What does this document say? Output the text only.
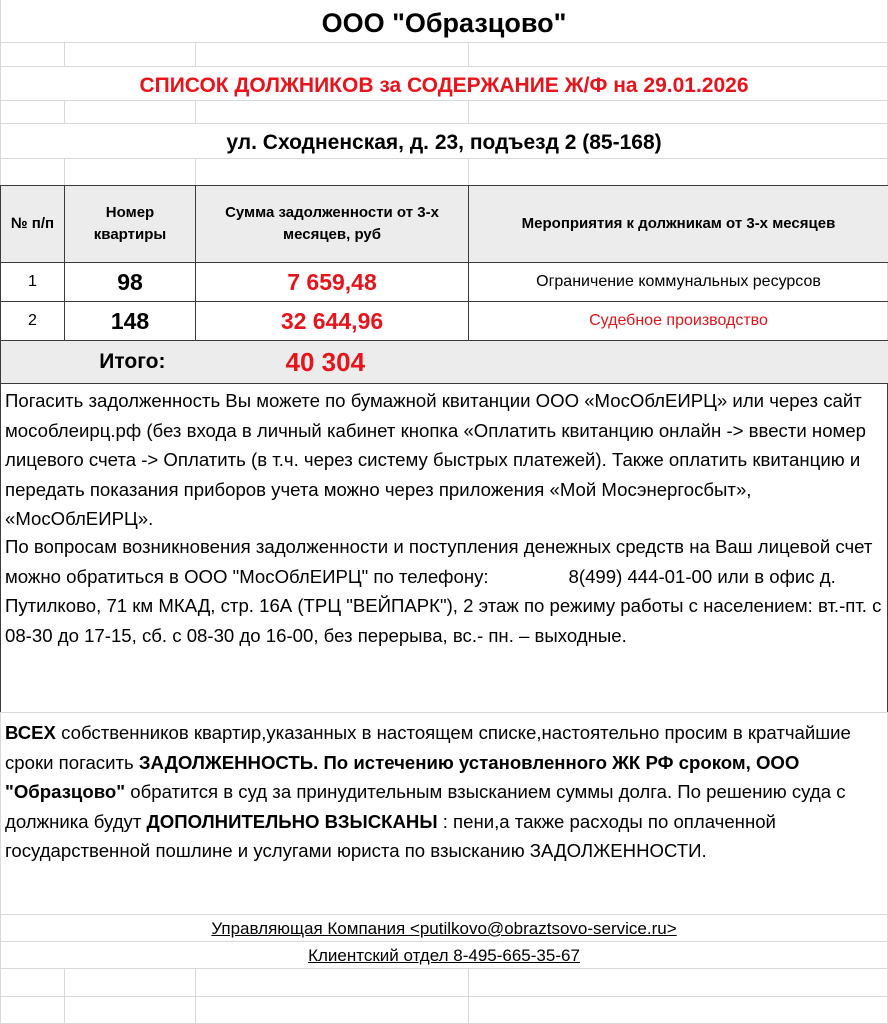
ООО "Образцово"
СПИСОК ДОЛЖНИКОВ за СОДЕРЖАНИЕ Ж/Ф на 29.01.2026
ул. Сходненская, д. 23, подъезд 2 (85-168)
№ п/п	Номер квартиры	Сумма задолженности от 3-х месяцев, руб	Мероприятия к должникам от 3-х месяцев
1	98	7 659,48	Ограничение коммунальных ресурсов
2	148	32 644,96	Судебное производство
Итого:		40 304	
Погасить задолженность Вы можете по бумажной квитанции ООО «МосОблЕИРЦ» или через сайт мособлеирц.рф (без входа в личный кабинет кнопка «Оплатить квитанцию онлайн -> ввести номер лицевого счета -> Оплатить (в т.ч. через систему быстрых платежей). Также оплатить квитанцию и передать показания приборов учета можно через приложения «Мой Мосэнергосбыт», «МосОблЕИРЦ».
По вопросам возникновения задолженности и поступления денежных средств на Ваш лицевой счет можно обратиться в ООО "МосОблЕИРЦ" по телефону:	8(499) 444-01-00 или в офис д. Путилково, 71 км МКАД, стр. 16А (ТРЦ "ВЕЙПАРК"), 2 этаж по режиму работы с населением: вт.-пт. с 08-30 до 17-15, сб. с 08-30 до 16-00, без перерыва, вс.- пн. – выходные.
ВСЕХ собственников квартир,указанных в настоящем списке,настоятельно просим в кратчайшие сроки погасить ЗАДОЛЖЕННОСТЬ. По истечению установленного ЖК РФ сроком, ООО "Образцово" обратится в суд за принудительным взысканием суммы долга. По решению суда с должника будут ДОПОЛНИТЕЛЬНО ВЗЫСКАНЫ : пени,а также расходы по оплаченной государственной пошлине и услугами юриста по взысканию ЗАДОЛЖЕННОСТИ.
Управляющая Компания <putilkovo@obraztsovo-service.ru>
Клиентский отдел 8-495-665-35-67
